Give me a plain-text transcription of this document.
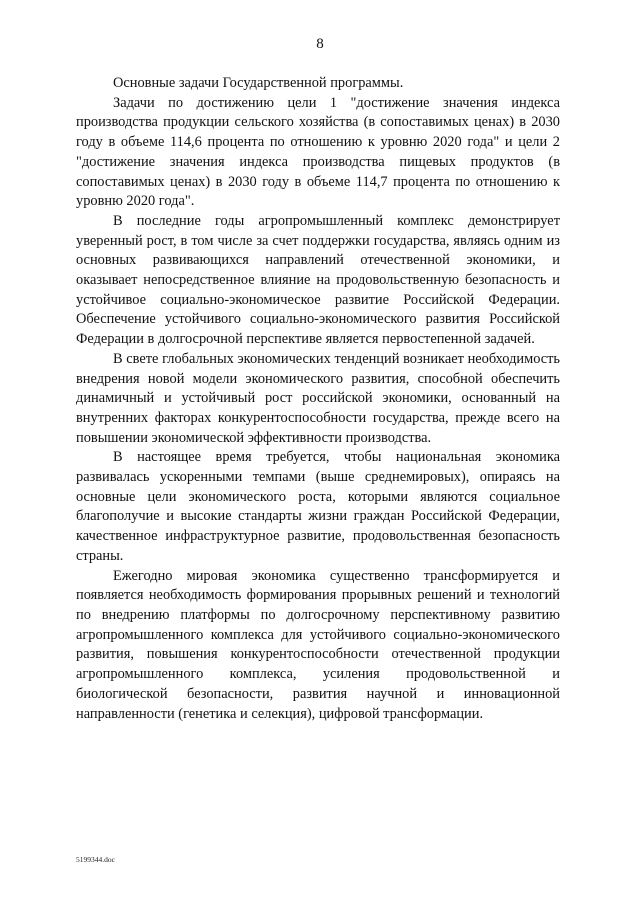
8

Основные задачи Государственной программы.

Задачи по достижению цели 1 "достижение значения индекса производства продукции сельского хозяйства (в сопоставимых ценах) в 2030 году в объеме 114,6 процента по отношению к уровню 2020 года" и цели 2 "достижение значения индекса производства пищевых продуктов (в сопоставимых ценах) в 2030 году в объеме 114,7 процента по отношению к уровню 2020 года".

В последние годы агропромышленный комплекс демонстрирует уверенный рост, в том числе за счет поддержки государства, являясь одним из основных развивающихся направлений отечественной экономики, и оказывает непосредственное влияние на продовольственную безопасность и устойчивое социально-экономическое развитие Российской Федерации. Обеспечение устойчивого социально-экономического развития Российской Федерации в долгосрочной перспективе является первостепенной задачей.

В свете глобальных экономических тенденций возникает необходимость внедрения новой модели экономического развития, способной обеспечить динамичный и устойчивый рост российской экономики, основанный на внутренних факторах конкурентоспособности государства, прежде всего на повышении экономической эффективности производства.

В настоящее время требуется, чтобы национальная экономика развивалась ускоренными темпами (выше среднемировых), опираясь на основные цели экономического роста, которыми являются социальное благополучие и высокие стандарты жизни граждан Российской Федерации, качественное инфраструктурное развитие, продовольственная безопасность страны.

Ежегодно мировая экономика существенно трансформируется и появляется необходимость формирования прорывных решений и технологий по внедрению платформы по долгосрочному перспективному развитию агропромышленного комплекса для устойчивого социально-экономического развития, повышения конкурентоспособности отечественной продукции агропромышленного комплекса, усиления продовольственной и биологической безопасности, развития научной и инновационной направленности (генетика и селекция), цифровой трансформации.

5199344.doc
